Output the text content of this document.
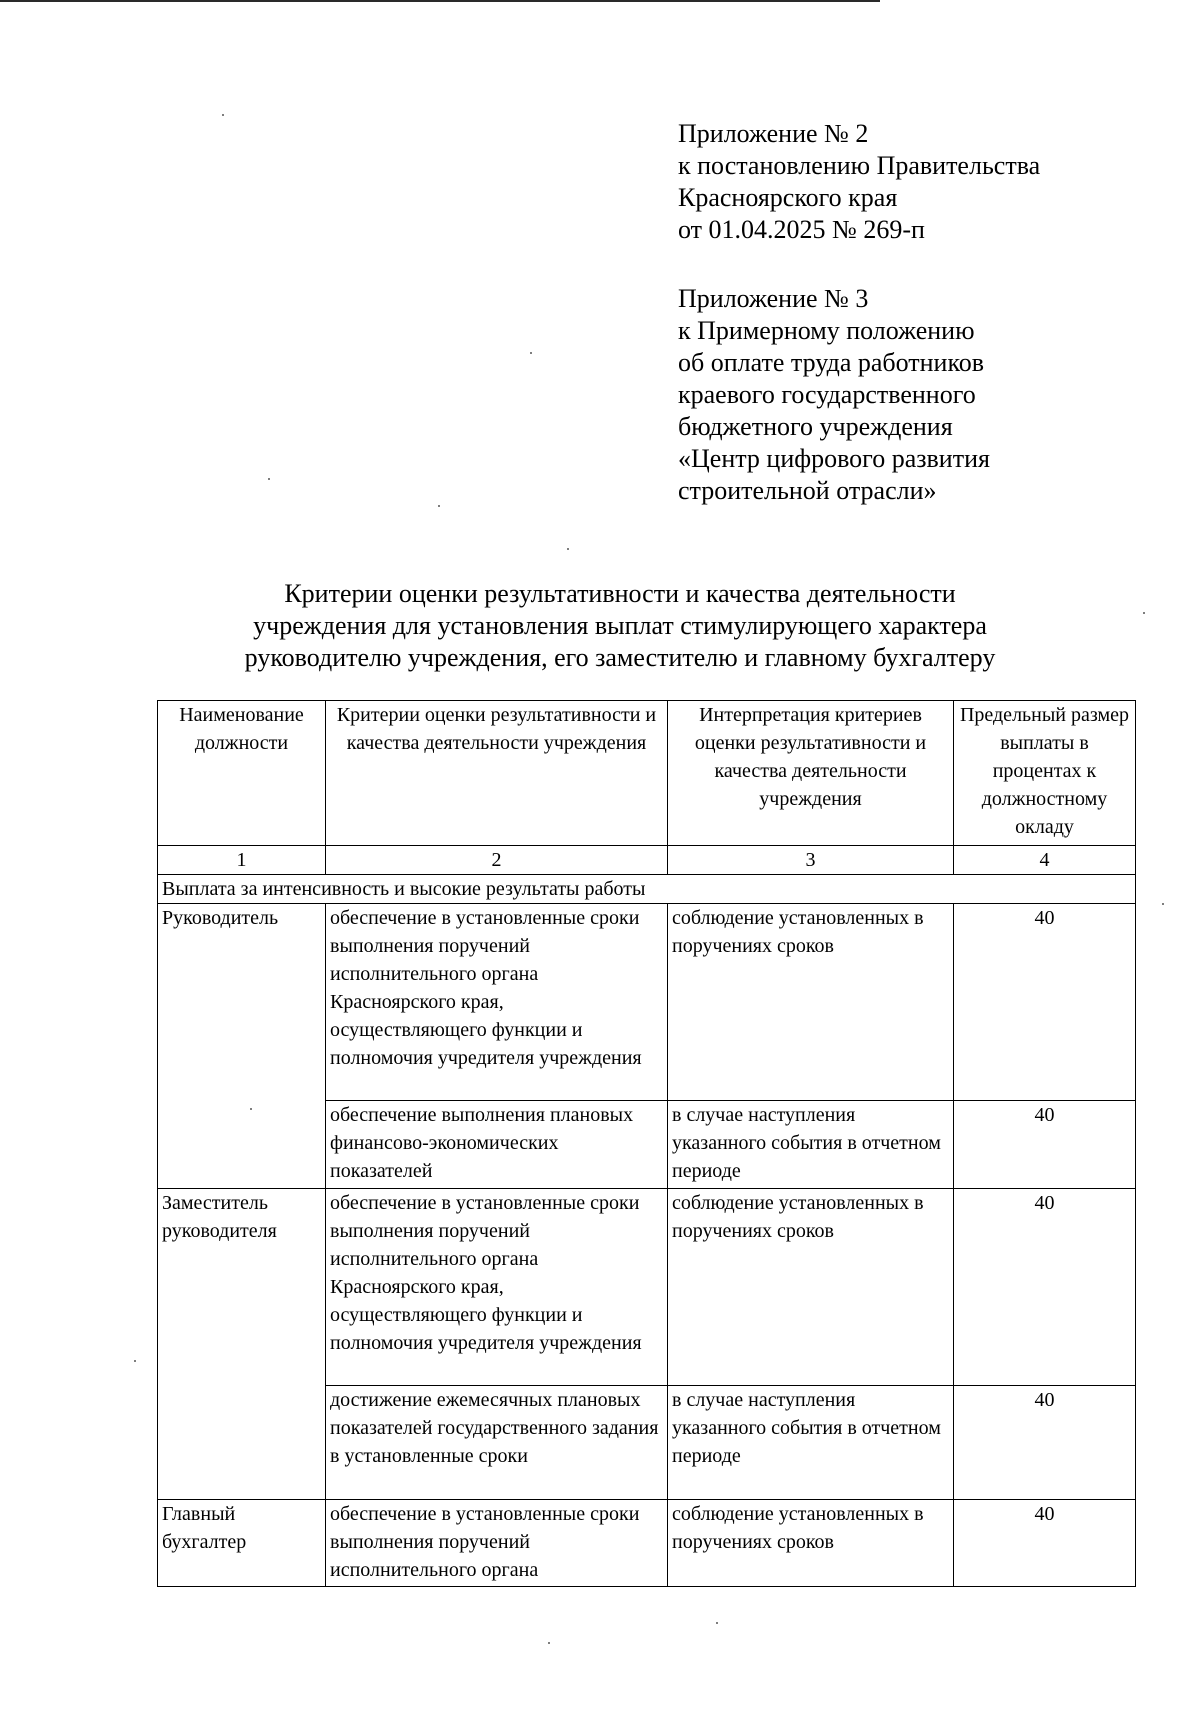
Приложение № 2
к постановлению Правительства
Красноярского края
от 01.04.2025 № 269-п
Приложение № 3
к Примерному положению
об оплате труда работников
краевого государственного
бюджетного учреждения
«Центр цифрового развития
строительной отрасли»
Критерии оценки результативности и качества деятельности
учреждения для установления выплат стимулирующего характера
руководителю учреждения, его заместителю и главному бухгалтеру
Наименование должности	Критерии оценки результативности и качества деятельности учреждения	Интерпретация критериев оценки результативности и качества деятельности учреждения	Предельный размер выплаты в процентах к должностному окладу
1	2	3	4
Выплата за интенсивность и высокие результаты работы			
Руководитель	обеспечение в установленные сроки выполнения поручений исполнительного органа Красноярского края, осуществляющего функции и полномочия учредителя учреждения	соблюдение установленных в поручениях сроков	40
	обеспечение выполнения плановых финансово-экономических показателей	в случае наступления указанного события в отчетном периоде	40
Заместитель руководителя	обеспечение в установленные сроки выполнения поручений исполнительного органа Красноярского края, осуществляющего функции и полномочия учредителя учреждения	соблюдение установленных в поручениях сроков	40
	достижение ежемесячных плановых показателей государственного задания в установленные сроки	в случае наступления указанного события в отчетном периоде	40
Главный бухгалтер	обеспечение в установленные сроки выполнения поручений исполнительного органа	соблюдение установленных в поручениях сроков	40
